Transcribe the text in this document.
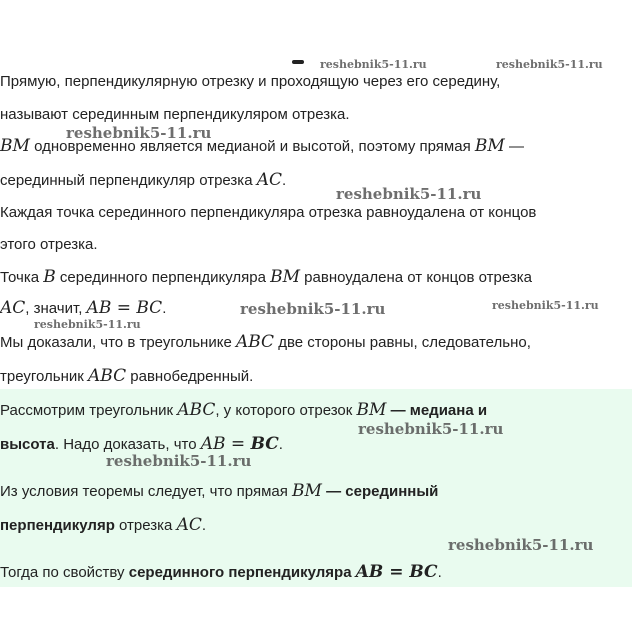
Прямую, перпендикулярную отрезку и проходящую через его середину,
называют серединным перпендикуляром отрезка.
BM одновременно является медианой и высотой, поэтому прямая BM —
серединный перпендикуляр отрезка AC.
Каждая точка серединного перпендикуляра отрезка равноудалена от концов
этого отрезка.
Точка B серединного перпендикуляра BM равноудалена от концов отрезка
AC, значит, AB = BC.
Мы доказали, что в треугольнике ABC две стороны равны, следовательно,
треугольник ABC равнобедренный.
Рассмотрим треугольник ABC, у которого отрезок BM — медиана и
высота. Надо доказать, что AB = BC.
Из условия теоремы следует, что прямая BM — серединный
перпендикуляр отрезка AC.
Тогда по свойству серединного перпендикуляра AB = BC.
reshebnik5-11.ru	reshebnik5-11.ru
reshebnik5-11.ru
reshebnik5-11.ru
reshebnik5-11.ru	reshebnik5-11.ru
reshebnik5-11.ru
reshebnik5-11.ru
reshebnik5-11.ru
reshebnik5-11.ru
